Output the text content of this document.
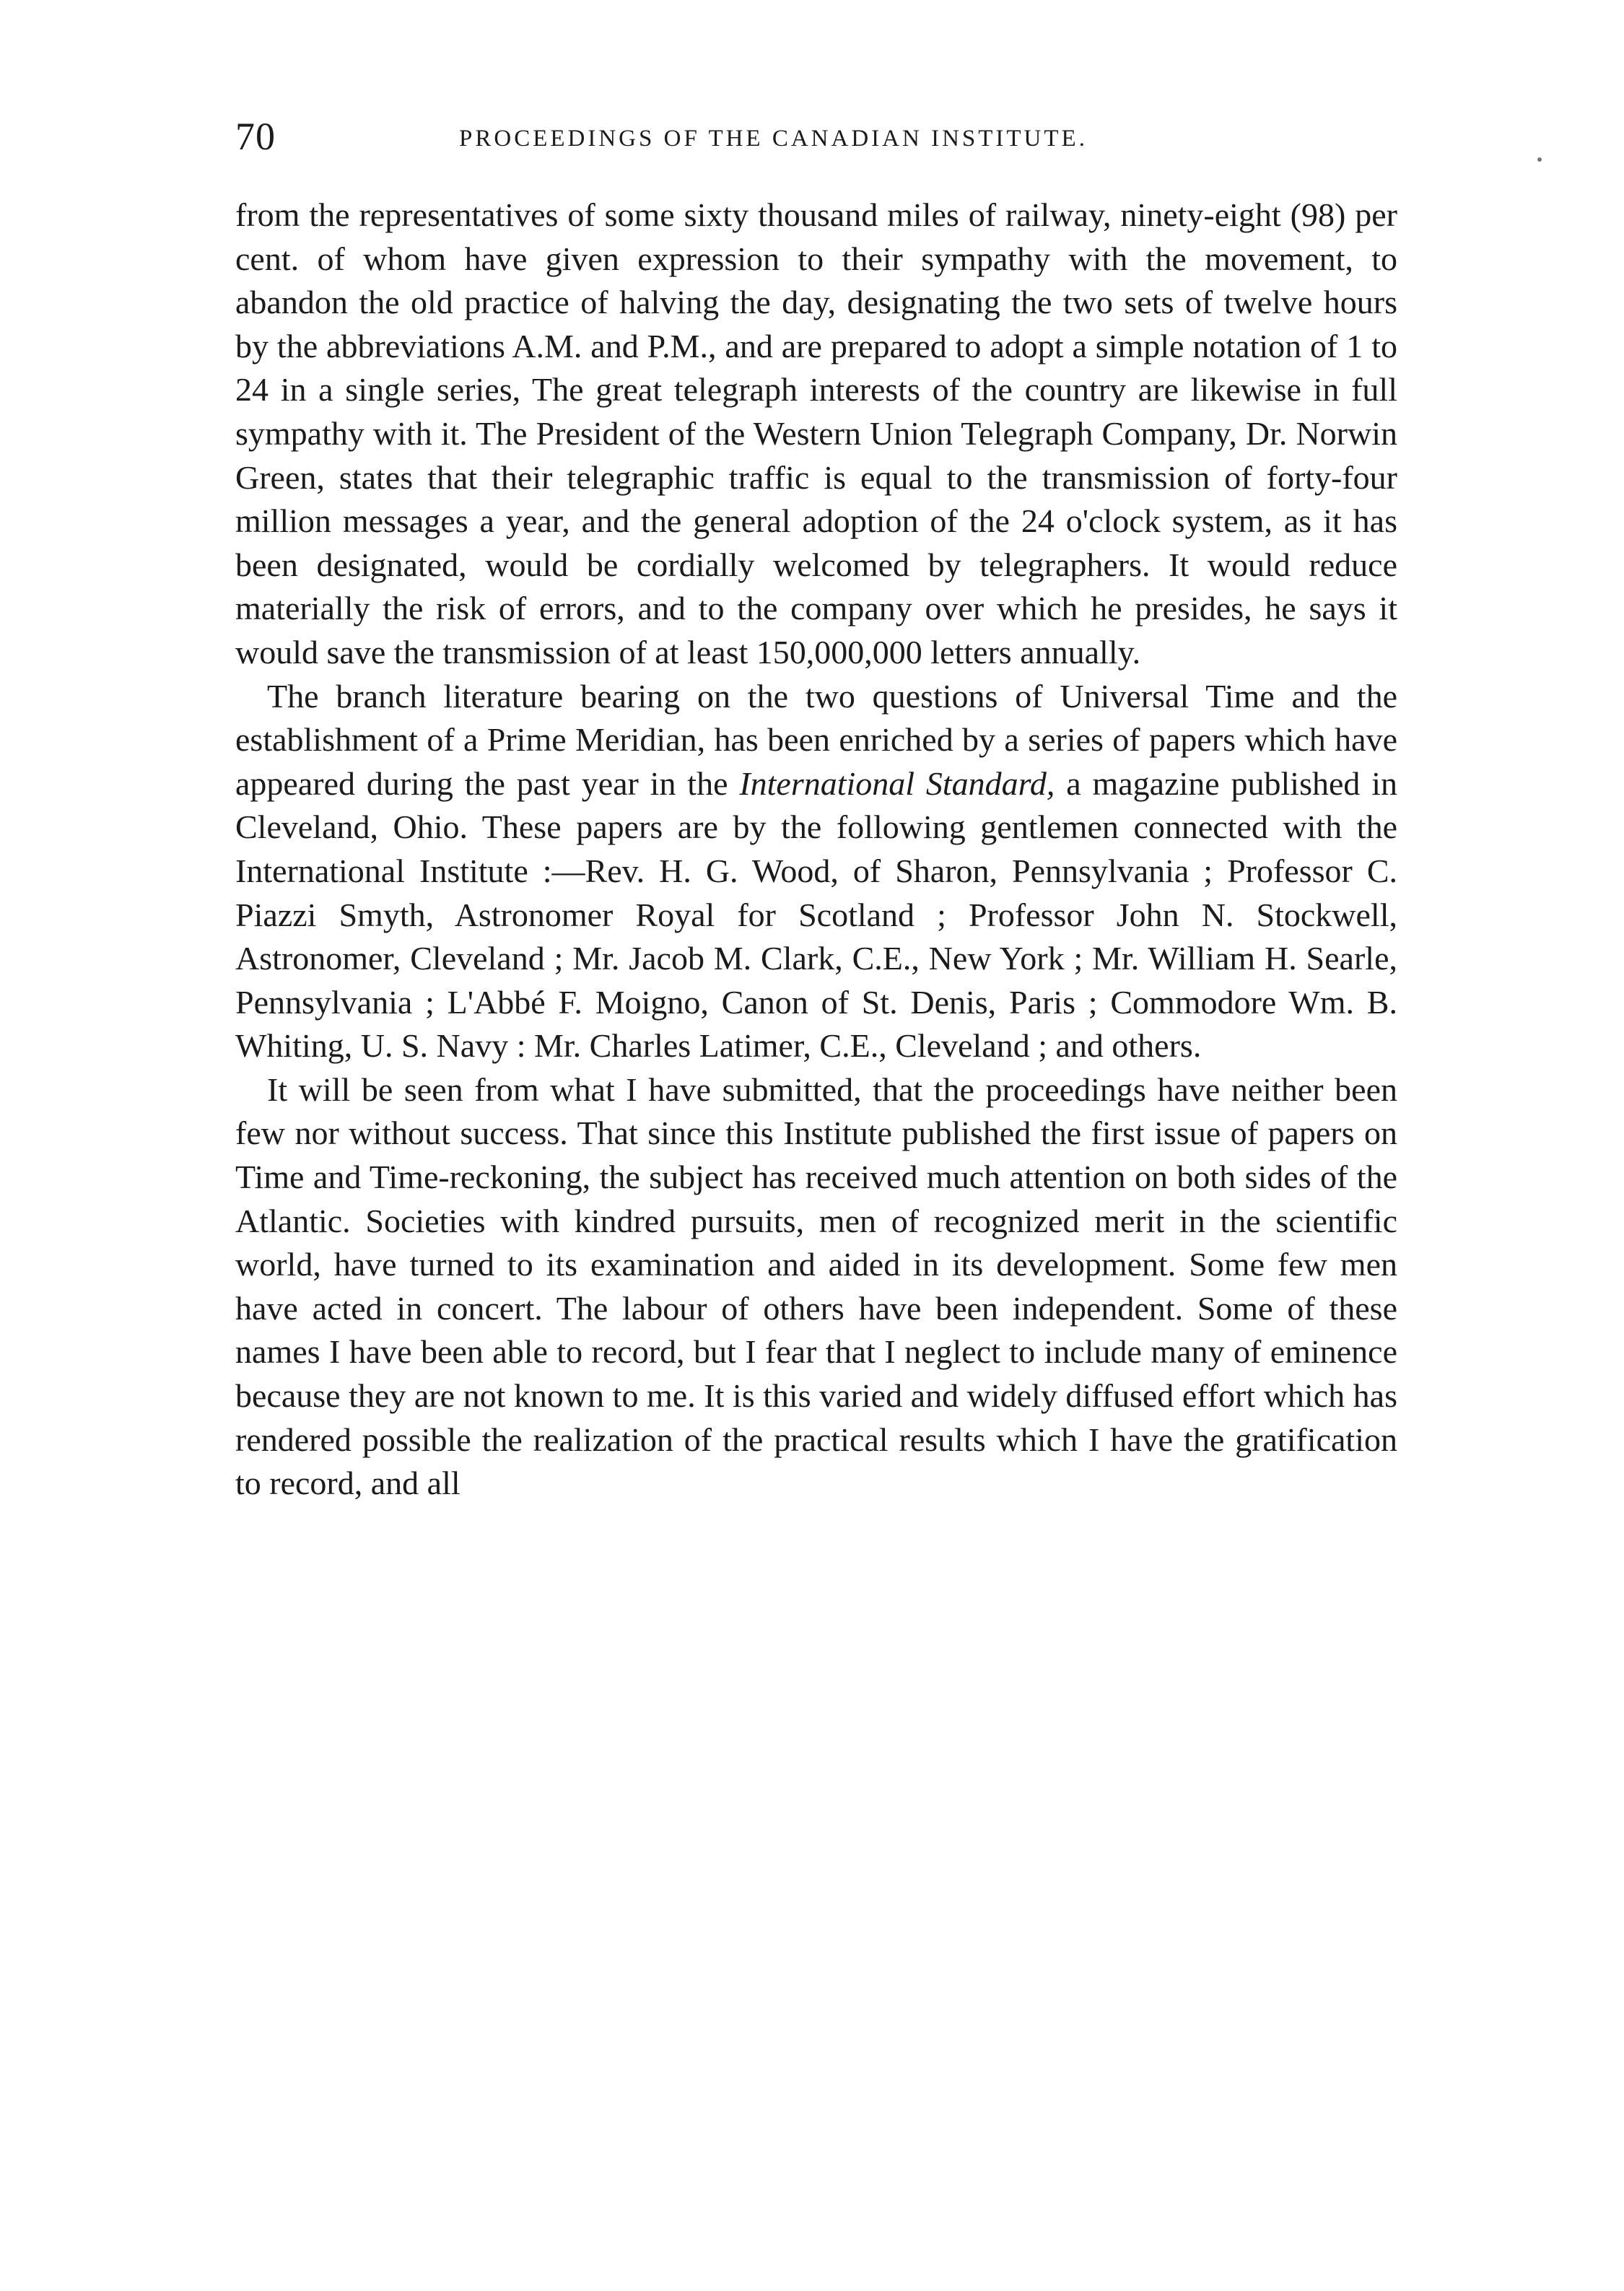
70	PROCEEDINGS OF THE CANADIAN INSTITUTE.

from the representatives of some sixty thousand miles of railway, ninety-eight (98) per cent. of whom have given expression to their sympathy with the movement, to abandon the old practice of halving the day, designating the two sets of twelve hours by the abbreviations A.M. and P.M., and are prepared to adopt a simple notation of 1 to 24 in a single series, The great telegraph interests of the country are likewise in full sympathy with it. The President of the Western Union Telegraph Company, Dr. Norwin Green, states that their telegraphic traffic is equal to the transmission of forty-four million messages a year, and the general adoption of the 24 o'clock system, as it has been designated, would be cordially welcomed by telegraphers. It would reduce materially the risk of errors, and to the company over which he presides, he says it would save the transmission of at least 150,000,000 letters annually.

The branch literature bearing on the two questions of Universal Time and the establishment of a Prime Meridian, has been enriched by a series of papers which have appeared during the past year in the International Standard, a magazine published in Cleveland, Ohio. These papers are by the following gentlemen connected with the International Institute :—Rev. H. G. Wood, of Sharon, Pennsylvania ; Professor C. Piazzi Smyth, Astronomer Royal for Scotland ; Professor John N. Stockwell, Astronomer, Cleveland ; Mr. Jacob M. Clark, C.E., New York ; Mr. William H. Searle, Pennsylvania ; L'Abbé F. Moigno, Canon of St. Denis, Paris ; Commodore Wm. B. Whiting, U. S. Navy : Mr. Charles Latimer, C.E., Cleveland ; and others.

It will be seen from what I have submitted, that the proceedings have neither been few nor without success. That since this Institute published the first issue of papers on Time and Time-reckoning, the subject has received much attention on both sides of the Atlantic. Societies with kindred pursuits, men of recognized merit in the scientific world, have turned to its examination and aided in its development. Some few men have acted in concert. The labour of others have been independent. Some of these names I have been able to record, but I fear that I neglect to include many of eminence because they are not known to me. It is this varied and widely diffused effort which has rendered possible the realization of the practical results which I have the gratification to record, and all
